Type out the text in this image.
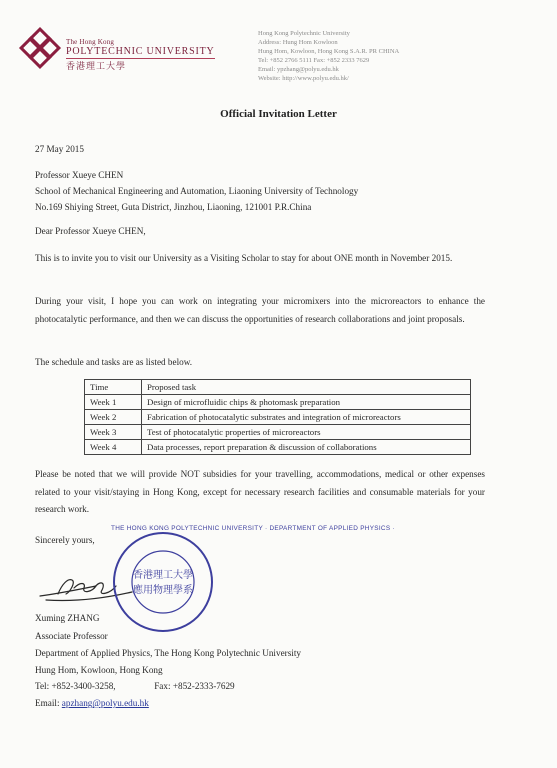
The Hong Kong
POLYTECHNIC UNIVERSITY
香港理工大學
Hong Kong Polytechnic University
Address: Hung Hom Kowloon
Hung Hom, Kowloon, Hong Kong S.A.R. PR CHINA
Tel: +852 2766 5111 Fax: +852 2333 7629
Email: ypzhang@polyu.edu.hk
Website: http://www.polyu.edu.hk/
Official Invitation Letter
27 May 2015
Professor Xueye CHEN
School of Mechanical Engineering and Automation, Liaoning University of Technology
No.169 Shiying Street, Guta District, Jinzhou, Liaoning, 121001 P.R.China
Dear Professor Xueye CHEN,
This is to invite you to visit our University as a Visiting Scholar to stay for about ONE month in November 2015.
During your visit, I hope you can work on integrating your micromixers into the microreactors to enhance the photocatalytic performance, and then we can discuss the opportunities of research collaborations and joint proposals.
The schedule and tasks are as listed below.
Time	Proposed task
Week 1	Design of microfluidic chips & photomask preparation
Week 2	Fabrication of photocatalytic substrates and integration of microreactors
Week 3	Test of photocatalytic properties of microreactors
Week 4	Data processes, report preparation & discussion of collaborations
Please be noted that we will provide NOT subsidies for your travelling, accommodations, medical or other expenses related to your visit/staying in Hong Kong, except for necessary research facilities and consumable materials for your research work.
Sincerely yours,
THE HONG KONG POLYTECHNIC UNIVERSITY · DEPARTMENT OF APPLIED PHYSICS ·
香港理工大學
應用物理學系
Xuming ZHANG
Associate Professor
Department of Applied Physics, The Hong Kong Polytechnic University
Hung Hom, Kowloon, Hong Kong
Tel: +852-3400-3258,	Fax: +852-2333-7629
Email: apzhang@polyu.edu.hk
